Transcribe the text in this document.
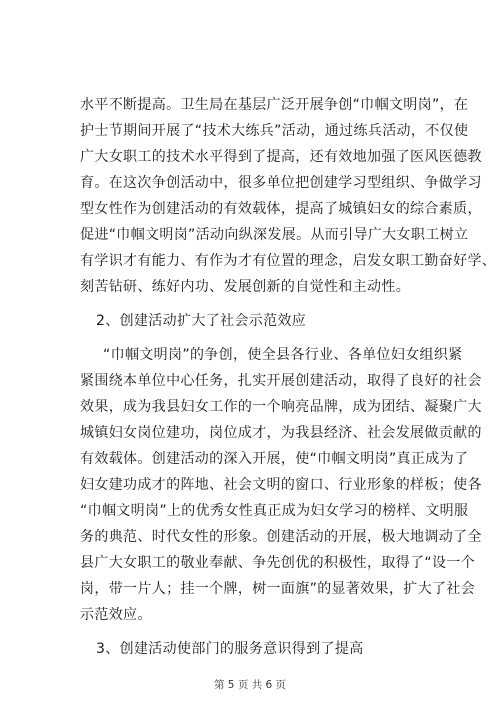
水平不断提高。卫生局在基层广泛开展争创“巾帼文明岗”，在
护士节期间开展了“技术大练兵”活动，通过练兵活动，不仅使
广大女职工的技术水平得到了提高，还有效地加强了医风医德教
育。在这次争创活动中，很多单位把创建学习型组织、争做学习
型女性作为创建活动的有效载体，提高了城镇妇女的综合素质，
促进“巾帼文明岗”活动向纵深发展。从而引导广大女职工树立
有学识才有能力、有作为才有位置的理念，启发女职工勤奋好学、
刻苦钻研、练好内功、发展创新的自觉性和主动性。
2、创建活动扩大了社会示范效应
“巾帼文明岗”的争创，使全县各行业、各单位妇女组织紧
紧围绕本单位中心任务，扎实开展创建活动，取得了良好的社会
效果，成为我县妇女工作的一个响亮品牌，成为团结、凝聚广大
城镇妇女岗位建功，岗位成才，为我县经济、社会发展做贡献的
有效载体。创建活动的深入开展，使“巾帼文明岗”真正成为了
妇女建功成才的阵地、社会文明的窗口、行业形象的样板；使各
“巾帼文明岗”上的优秀女性真正成为妇女学习的榜样、文明服
务的典范、时代女性的形象。创建活动的开展，极大地调动了全
县广大女职工的敬业奉献、争先创优的积极性，取得了“设一个
岗，带一片人；挂一个牌，树一面旗”的显著效果，扩大了社会
示范效应。
3、创建活动使部门的服务意识得到了提高
第 5 页 共 6 页
